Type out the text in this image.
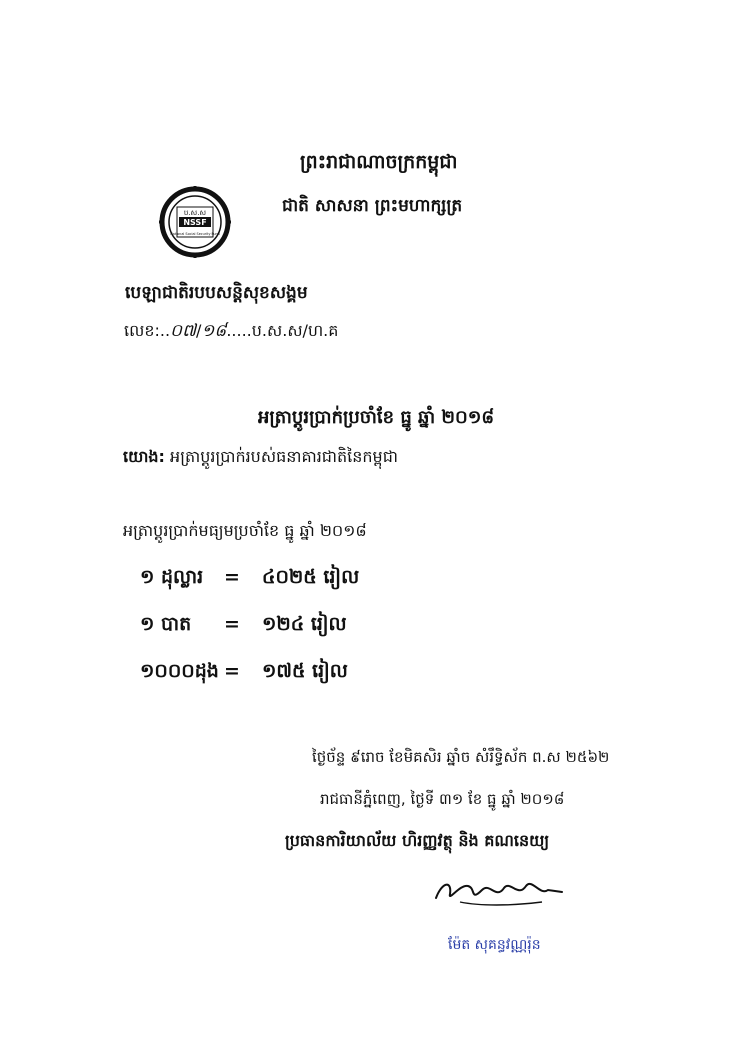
ព្រះរាជាណាចក្រកម្ពុជា
ជាតិ សាសនា ព្រះមហាក្សត្រ
ប.ស.ស
NSSF
National Social Security Fund
បេឡាជាតិរបបសន្តិសុខសង្គម
លេខ:..០៧/១៨.....ប.ស.ស/ហ.គ
អត្រាប្តូរប្រាក់ប្រចាំខែ ធ្នូ ឆ្នាំ ២០១៨
យោង: អត្រាប្តូរប្រាក់របស់ធនាគារជាតិនៃកម្ពុជា
អត្រាប្តូរប្រាក់មធ្យមប្រចាំខែ ធ្នូ ឆ្នាំ ២០១៨
១ ដុល្លារ = ៤០២៥ រៀល
១ បាត = ១២៤ រៀល
១០០០ដុង = ១៧៥ រៀល
ថ្ងៃច័ន្ទ ៩រោច ខែមិគសិរ ឆ្នាំច សំរឹទ្ធិស័ក ព.ស ២៥៦២
រាជធានីភ្នំពេញ, ថ្ងៃទី ៣១ ខែ ធ្នូ ឆ្នាំ ២០១៨
ប្រធានការិយាល័យ ហិរញ្ញវត្ថុ និង គណនេយ្យ
ម៉ែត សុគន្ធវណ្ណរ៉ុន
